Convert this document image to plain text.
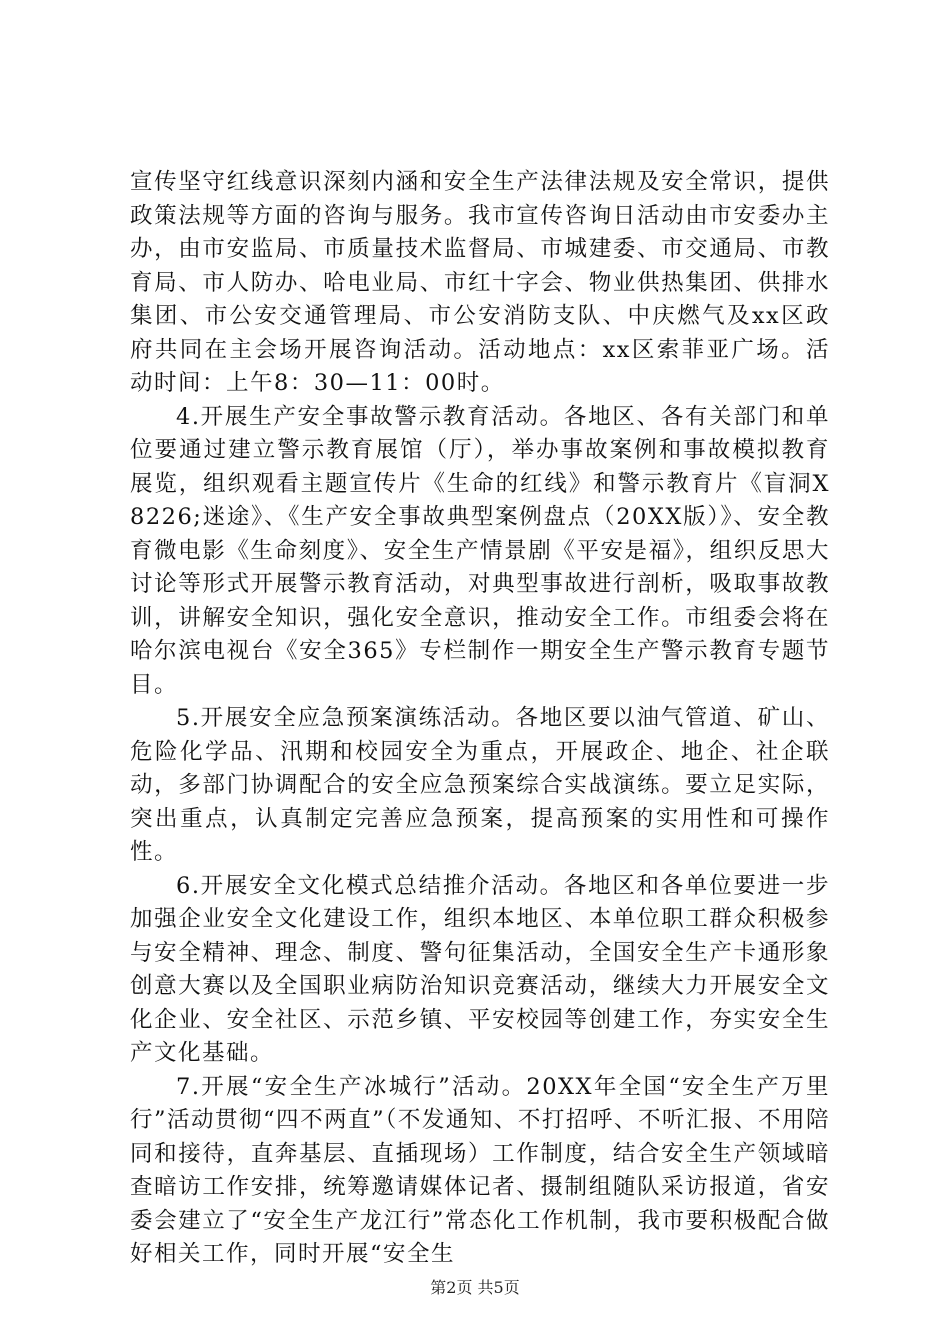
宣传坚守红线意识深刻内涵和安全生产法律法规及安全常识，提供政策法规等方面的咨询与服务。我市宣传咨询日活动由市安委办主办，由市安监局、市质量技术监督局、市城建委、市交通局、市教育局、市人防办、哈电业局、市红十字会、物业供热集团、供排水集团、市公安交通管理局、市公安消防支队、中庆燃气及xx区政府共同在主会场开展咨询活动。活动地点：xx区索菲亚广场。活动时间：上午8：30—11：00时。

4.开展生产安全事故警示教育活动。各地区、各有关部门和单位要通过建立警示教育展馆（厅），举办事故案例和事故模拟教育展览，组织观看主题宣传片《生命的红线》和警示教育片《盲洞X8226;迷途》、《生产安全事故典型案例盘点（20XX版）》、安全教育微电影《生命刻度》、安全生产情景剧《平安是福》，组织反思大讨论等形式开展警示教育活动，对典型事故进行剖析，吸取事故教训，讲解安全知识，强化安全意识，推动安全工作。市组委会将在哈尔滨电视台《安全365》专栏制作一期安全生产警示教育专题节目。

5.开展安全应急预案演练活动。各地区要以油气管道、矿山、危险化学品、汛期和校园安全为重点，开展政企、地企、社企联动，多部门协调配合的安全应急预案综合实战演练。要立足实际，突出重点，认真制定完善应急预案，提高预案的实用性和可操作性。

6.开展安全文化模式总结推介活动。各地区和各单位要进一步加强企业安全文化建设工作，组织本地区、本单位职工群众积极参与安全精神、理念、制度、警句征集活动，全国安全生产卡通形象创意大赛以及全国职业病防治知识竞赛活动，继续大力开展安全文化企业、安全社区、示范乡镇、平安校园等创建工作，夯实安全生产文化基础。

7.开展“安全生产冰城行”活动。20XX年全国“安全生产万里行”活动贯彻“四不两直”（不发通知、不打招呼、不听汇报、不用陪同和接待，直奔基层、直插现场）工作制度，结合安全生产领域暗查暗访工作安排，统筹邀请媒体记者、摄制组随队采访报道，省安委会建立了“安全生产龙江行”常态化工作机制，我市要积极配合做好相关工作，同时开展“安全生

第2页 共5页
